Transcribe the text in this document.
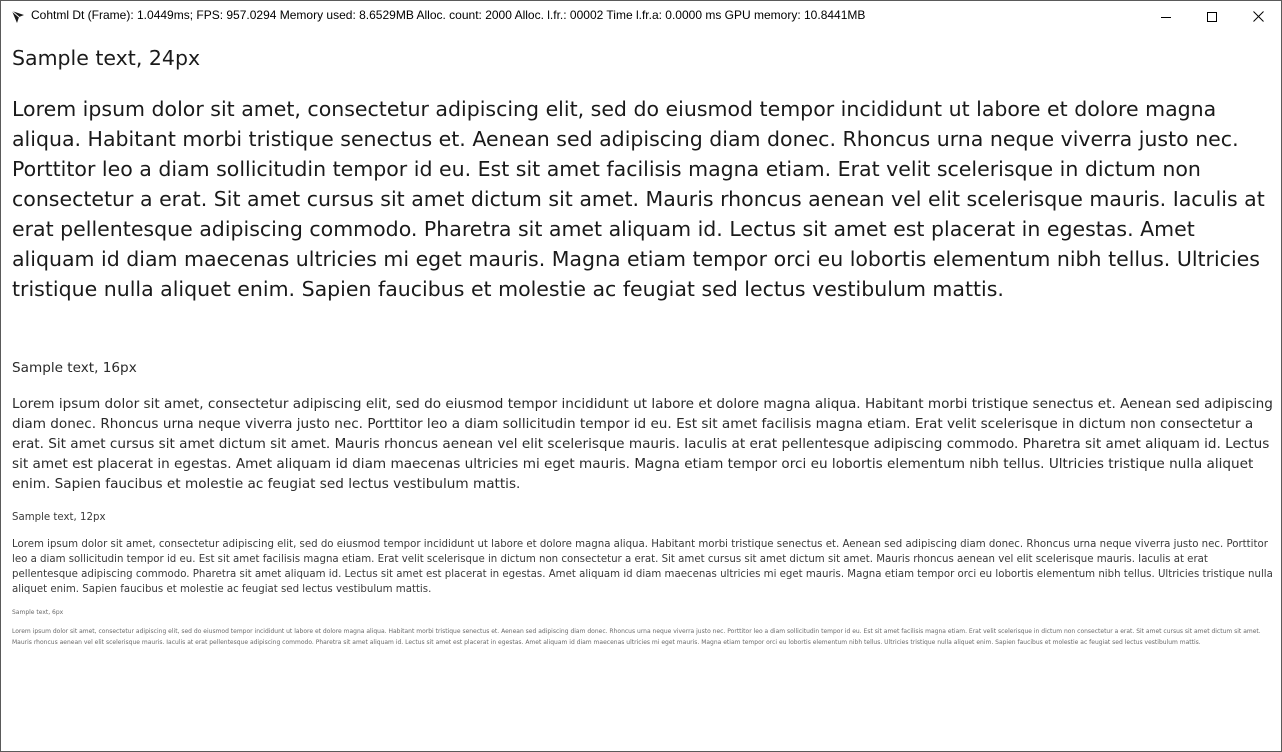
Cohtml Dt (Frame): 1.0449ms; FPS: 957.0294 Memory used: 8.6529MB Alloc. count: 2000 Alloc. l.fr.: 00002 Time l.fr.a: 0.0000 ms GPU memory: 10.8441MB

Sample text, 24px

Lorem ipsum dolor sit amet, consectetur adipiscing elit, sed do eiusmod tempor incididunt ut labore et dolore magna aliqua. Habitant morbi tristique senectus et. Aenean sed adipiscing diam donec. Rhoncus urna neque viverra justo nec. Porttitor leo a diam sollicitudin tempor id eu. Est sit amet facilisis magna etiam. Erat velit scelerisque in dictum non consectetur a erat. Sit amet cursus sit amet dictum sit amet. Mauris rhoncus aenean vel elit scelerisque mauris. Iaculis at erat pellentesque adipiscing commodo. Pharetra sit amet aliquam id. Lectus sit amet est placerat in egestas. Amet aliquam id diam maecenas ultricies mi eget mauris. Magna etiam tempor orci eu lobortis elementum nibh tellus. Ultricies tristique nulla aliquet enim. Sapien faucibus et molestie ac feugiat sed lectus vestibulum mattis.

Sample text, 16px

Lorem ipsum dolor sit amet, consectetur adipiscing elit, sed do eiusmod tempor incididunt ut labore et dolore magna aliqua. Habitant morbi tristique senectus et. Aenean sed adipiscing diam donec. Rhoncus urna neque viverra justo nec. Porttitor leo a diam sollicitudin tempor id eu. Est sit amet facilisis magna etiam. Erat velit scelerisque in dictum non consectetur a erat. Sit amet cursus sit amet dictum sit amet. Mauris rhoncus aenean vel elit scelerisque mauris. Iaculis at erat pellentesque adipiscing commodo. Pharetra sit amet aliquam id. Lectus sit amet est placerat in egestas. Amet aliquam id diam maecenas ultricies mi eget mauris. Magna etiam tempor orci eu lobortis elementum nibh tellus. Ultricies tristique nulla aliquet enim. Sapien faucibus et molestie ac feugiat sed lectus vestibulum mattis.

Sample text, 12px

Lorem ipsum dolor sit amet, consectetur adipiscing elit, sed do eiusmod tempor incididunt ut labore et dolore magna aliqua. Habitant morbi tristique senectus et. Aenean sed adipiscing diam donec. Rhoncus urna neque viverra justo nec. Porttitor leo a diam sollicitudin tempor id eu. Est sit amet facilisis magna etiam. Erat velit scelerisque in dictum non consectetur a erat. Sit amet cursus sit amet dictum sit amet. Mauris rhoncus aenean vel elit scelerisque mauris. Iaculis at erat pellentesque adipiscing commodo. Pharetra sit amet aliquam id. Lectus sit amet est placerat in egestas. Amet aliquam id diam maecenas ultricies mi eget mauris. Magna etiam tempor orci eu lobortis elementum nibh tellus. Ultricies tristique nulla aliquet enim. Sapien faucibus et molestie ac feugiat sed lectus vestibulum mattis.

Sample text, 6px

Lorem ipsum dolor sit amet, consectetur adipiscing elit, sed do eiusmod tempor incididunt ut labore et dolore magna aliqua. Habitant morbi tristique senectus et. Aenean sed adipiscing diam donec. Rhoncus urna neque viverra justo nec. Porttitor leo a diam sollicitudin tempor id eu. Est sit amet facilisis magna etiam. Erat velit scelerisque in dictum non consectetur a erat. Sit amet cursus sit amet dictum sit amet. Mauris rhoncus aenean vel elit scelerisque mauris. Iaculis at erat pellentesque adipiscing commodo. Pharetra sit amet aliquam id. Lectus sit amet est placerat in egestas. Amet aliquam id diam maecenas ultricies mi eget mauris. Magna etiam tempor orci eu lobortis elementum nibh tellus. Ultricies tristique nulla aliquet enim. Sapien faucibus et molestie ac feugiat sed lectus vestibulum mattis.
